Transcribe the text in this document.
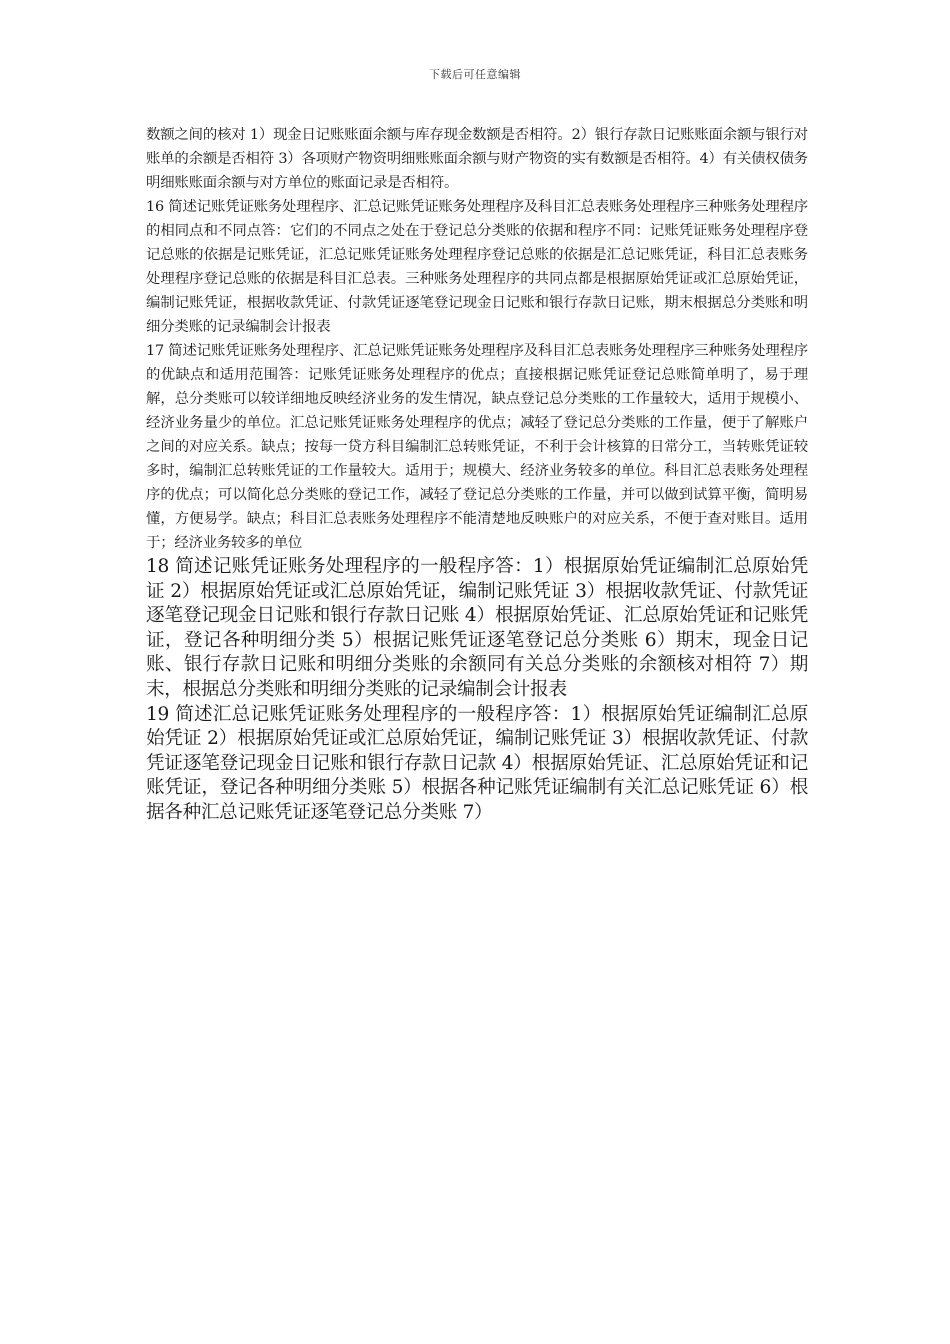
下载后可任意编辑

数额之间的核对 1）现金日记账账面余额与库存现金数额是否相符。2）银行存款日记账账面余额与银行对账单的余额是否相符 3）各项财产物资明细账账面余额与财产物资的实有数额是否相符。4）有关债权债务明细账账面余额与对方单位的账面记录是否相符。

16 简述记账凭证账务处理程序、汇总记账凭证账务处理程序及科目汇总表账务处理程序三种账务处理程序的相同点和不同点答：它们的不同点之处在于登记总分类账的依据和程序不同：记账凭证账务处理程序登记总账的依据是记账凭证，汇总记账凭证账务处理程序登记总账的依据是汇总记账凭证，科目汇总表账务处理程序登记总账的依据是科目汇总表。三种账务处理程序的共同点都是根据原始凭证或汇总原始凭证，编制记账凭证，根据收款凭证、付款凭证逐笔登记现金日记账和银行存款日记账，期末根据总分类账和明细分类账的记录编制会计报表

17 简述记账凭证账务处理程序、汇总记账凭证账务处理程序及科目汇总表账务处理程序三种账务处理程序的优缺点和适用范围答：记账凭证账务处理程序的优点；直接根据记账凭证登记总账简单明了，易于理解，总分类账可以较详细地反映经济业务的发生情况，缺点登记总分类账的工作量较大，适用于规模小、经济业务量少的单位。汇总记账凭证账务处理程序的优点；减轻了登记总分类账的工作量，便于了解账户之间的对应关系。缺点；按每一贷方科目编制汇总转账凭证，不利于会计核算的日常分工，当转账凭证较多时，编制汇总转账凭证的工作量较大。适用于；规模大、经济业务较多的单位。科目汇总表账务处理程序的优点；可以简化总分类账的登记工作，减轻了登记总分类账的工作量，并可以做到试算平衡，简明易懂，方便易学。缺点；科目汇总表账务处理程序不能清楚地反映账户的对应关系，不便于查对账目。适用于；经济业务较多的单位

18 简述记账凭证账务处理程序的一般程序答：1）根据原始凭证编制汇总原始凭证 2）根据原始凭证或汇总原始凭证，编制记账凭证 3）根据收款凭证、付款凭证逐笔登记现金日记账和银行存款日记账 4）根据原始凭证、汇总原始凭证和记账凭证，登记各种明细分类 5）根据记账凭证逐笔登记总分类账 6）期末，现金日记账、银行存款日记账和明细分类账的余额同有关总分类账的余额核对相符 7）期末，根据总分类账和明细分类账的记录编制会计报表

19 简述汇总记账凭证账务处理程序的一般程序答：1）根据原始凭证编制汇总原始凭证 2）根据原始凭证或汇总原始凭证，编制记账凭证 3）根据收款凭证、付款凭证逐笔登记现金日记账和银行存款日记款 4）根据原始凭证、汇总原始凭证和记账凭证，登记各种明细分类账 5）根据各种记账凭证编制有关汇总记账凭证 6）根据各种汇总记账凭证逐笔登记总分类账 7）
